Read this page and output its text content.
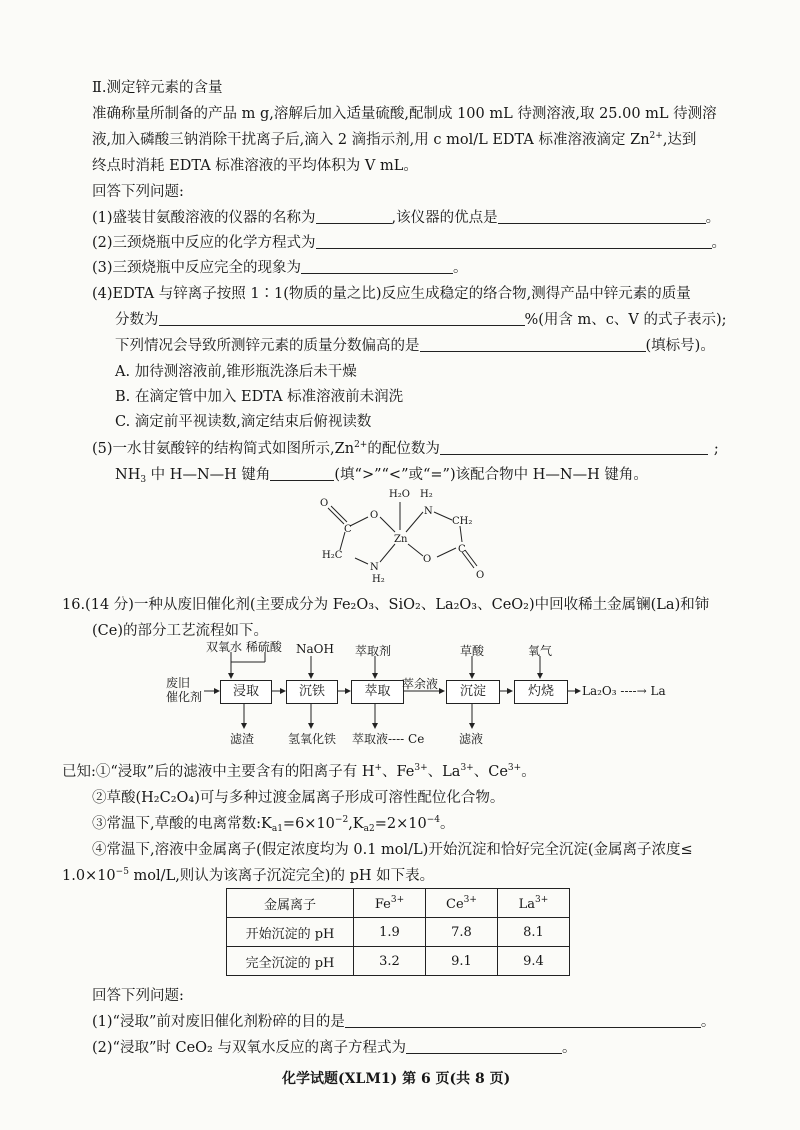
Ⅱ.测定锌元素的含量
准确称量所制备的产品 m g,溶解后加入适量硫酸,配制成 100 mL 待测溶液,取 25.00 mL 待测溶
液,加入磷酸三钠消除干扰离子后,滴入 2 滴指示剂,用 c mol/L EDTA 标准溶液滴定 $Zn^{2+}$,达到
终点时消耗 EDTA 标准溶液的平均体积为 V mL。
回答下列问题:
(1)盛装甘氨酸溶液的仪器的名称为	,该仪器的优点是	。
(2)三颈烧瓶中反应的化学方程式为	。
(3)三颈烧瓶中反应完全的现象为	。
(4)EDTA 与锌离子按照 1∶1(物质的量之比)反应生成稳定的络合物,测得产品中锌元素的质量
分数为	%(用含 m、c、V 的式子表示);
下列情况会导致所测锌元素的质量分数偏高的是	(填标号)。
A. 加待测溶液前,锥形瓶洗涤后未干燥
B. 在滴定管中加入 EDTA 标准溶液前未润洗
C. 滴定前平视读数,滴定结束后俯视读数
(5)一水甘氨酸锌的结构简式如图所示$,Zn^{2+}$的配位数为	;
$NH_3$ 中 H—N—H 键角	(填“>”“<”或“=”)该配合物中 H—N—H 键角。
O
C
O
H₂O H₂
N
CH₂
Zn
H₂C
N
H₂
O
C
O
16.(14 分)一种从废旧催化剂(主要成分为 Fe₂O₃、SiO₂、La₂O₃、CeO₂)中回收稀土金属镧(La)和铈
(Ce)的部分工艺流程如下。
废旧
催化剂
双氧水 稀硫酸 NaOH 萃取剂	草酸	氧气
浸取	沉铁	萃取	沉淀	灼烧
萃余液	La₂O₃ ----→ La
滤渣	氢氧化铁 萃取液---- Ce	滤液
已知:①“浸取”后的滤液中主要含有的阳离子有 H+、$Fe^{3+}$、$La^{3+}$、$Ce^{3+}$。
②草酸(H₂C₂O₄)可与多种过渡金属离子形成可溶性配位化合物。
③常温下,草酸的电离常数$:K_{a1}=6\times 10^{-2},K_{a2}=2\times 10^{-4}$。
④常温下,溶液中金属离子(假定浓度均为 0.1 mol/L)开始沉淀和恰好完全沉淀(金属离子浓度≤
$1.0\times 10^{-5}$ mol/L,则认为该离子沉淀完全)的 pH 如下表。
金属离子	$Fe^{3+}$	$Ce^{3+}$	$La^{3+}$
开始沉淀的 pH	1.9	7.8	8.1
完全沉淀的 pH	3.2	9.1	9.4
回答下列问题:
(1)“浸取”前对废旧催化剂粉碎的目的是	。
(2)“浸取”时 CeO₂ 与双氧水反应的离子方程式为	。
化学试题(XLM1) 第 6 页(共 8 页)
